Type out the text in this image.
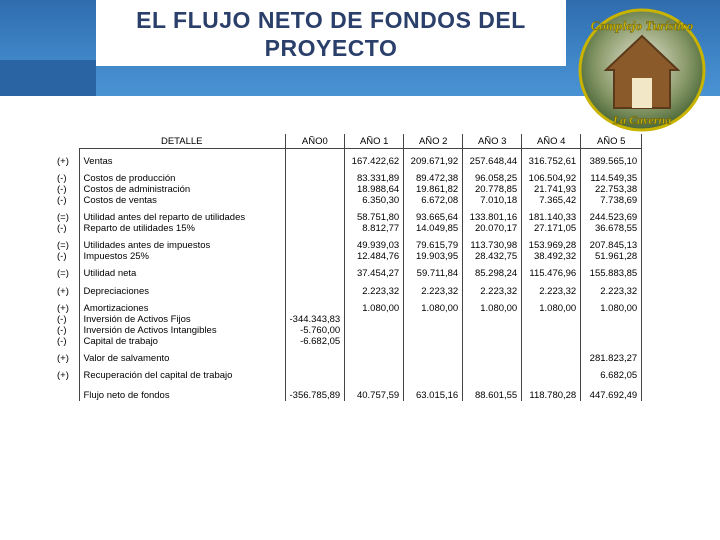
EL FLUJO NETO DE FONDOS DEL
PROYECTO
Complejo Turístico
La Caverna
	DETALLE	AÑO0	AÑO 1	AÑO 2	AÑO 3	AÑO 4	AÑO 5

(+)	Ventas		167.422,62	209.671,92	257.648,44	316.752,61	389.565,10

(-)	Costos de producción		83.331,89	89.472,38	96.058,25	106.504,92	114.549,35
(-)	Costos de administración		18.988,64	19.861,82	20.778,85	21.741,93	22.753,38
(-)	Costos de ventas		6.350,30	6.672,08	7.010,18	7.365,42	7.738,69

(=)	Utilidad antes del reparto de utilidades		58.751,80	93.665,64	133.801,16	181.140,33	244.523,69
(-)	Reparto de utilidades 15%		8.812,77	14.049,85	20.070,17	27.171,05	36.678,55

(=)	Utilidades antes de impuestos		49.939,03	79.615,79	113.730,98	153.969,28	207.845,13
(-)	Impuestos 25%		12.484,76	19.903,95	28.432,75	38.492,32	51.961,28

(=)	Utilidad neta		37.454,27	59.711,84	85.298,24	115.476,96	155.883,85

(+)	Depreciaciones		2.223,32	2.223,32	2.223,32	2.223,32	2.223,32

(+)	Amortizaciones		1.080,00	1.080,00	1.080,00	1.080,00	1.080,00
(-)	Inversión de Activos Fijos	-344.343,83					
(-)	Inversión de Activos Intangibles	-5.760,00					
(-)	Capital de trabajo	-6.682,05					

(+)	Valor de salvamento						281.823,27

(+)	Recuperación del capital de trabajo						6.682,05

	Flujo neto de fondos	-356.785,89	40.757,59	63.015,16	88.601,55	118.780,28	447.692,49
